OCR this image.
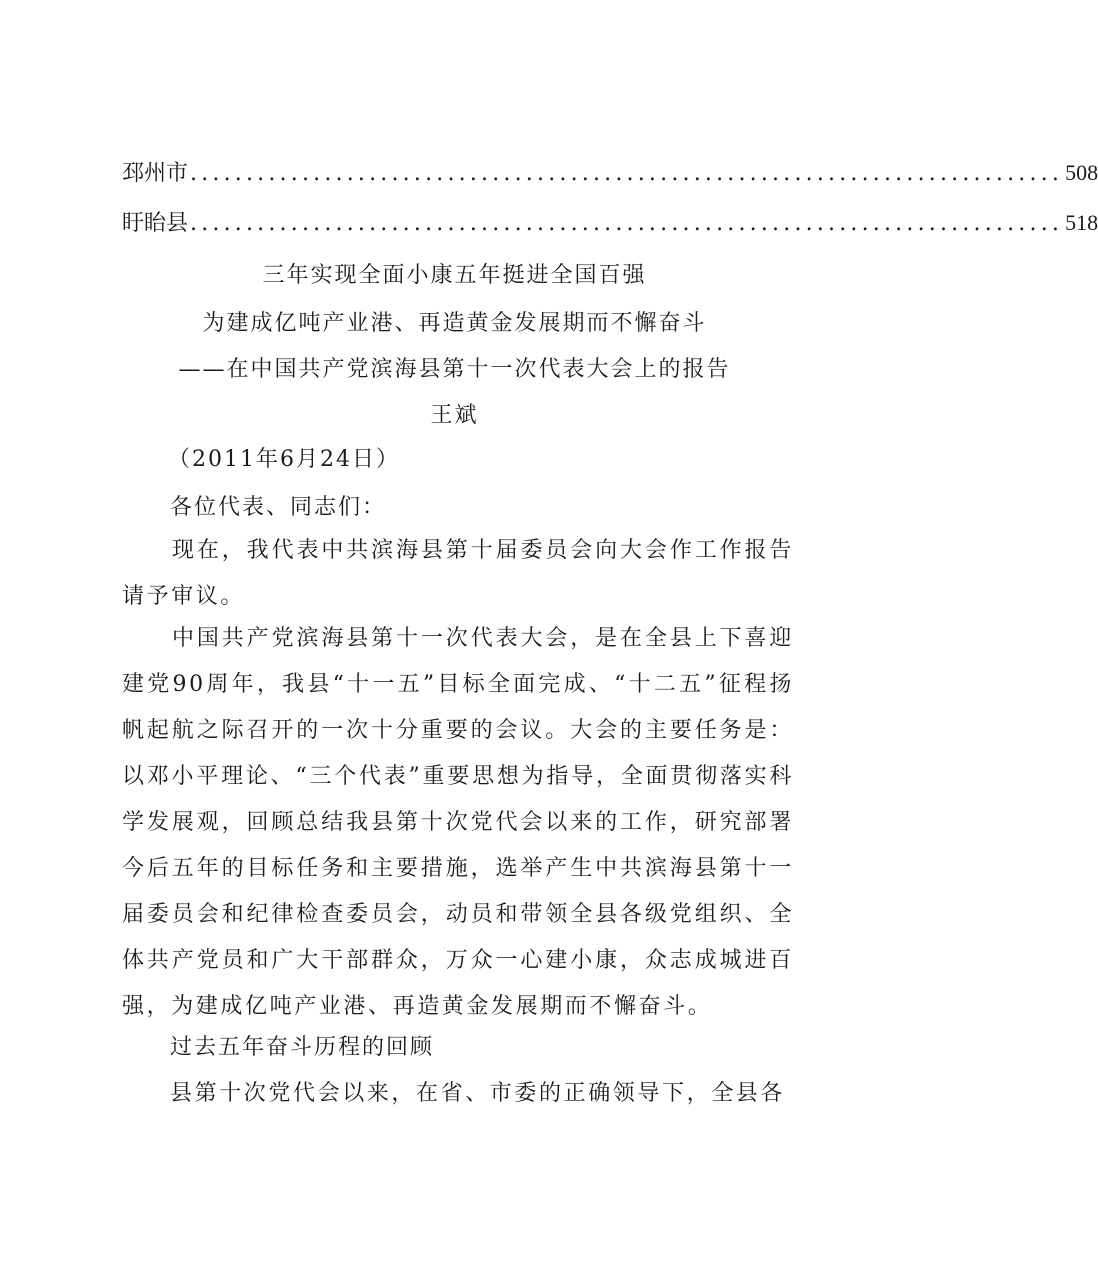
邳州市 .............................................................................. 508
盱眙县 .............................................................................. 518
三年实现全面小康五年挺进全国百强
为建成亿吨产业港、再造黄金发展期而不懈奋斗
——在中国共产党滨海县第十一次代表大会上的报告
王斌
（2011年6月24日）
各位代表、同志们：
现在，我代表中共滨海县第十届委员会向大会作工作报告请予审议。
中国共产党滨海县第十一次代表大会，是在全县上下喜迎建党90周年，我县“十一五”目标全面完成、“十二五”征程扬帆起航之际召开的一次十分重要的会议。大会的主要任务是：以邓小平理论、“三个代表”重要思想为指导，全面贯彻落实科学发展观，回顾总结我县第十次党代会以来的工作，研究部署今后五年的目标任务和主要措施，选举产生中共滨海县第十一届委员会和纪律检查委员会，动员和带领全县各级党组织、全体共产党员和广大干部群众，万众一心建小康，众志成城进百强，为建成亿吨产业港、再造黄金发展期而不懈奋斗。
过去五年奋斗历程的回顾
县第十次党代会以来，在省、市委的正确领导下，全县各
